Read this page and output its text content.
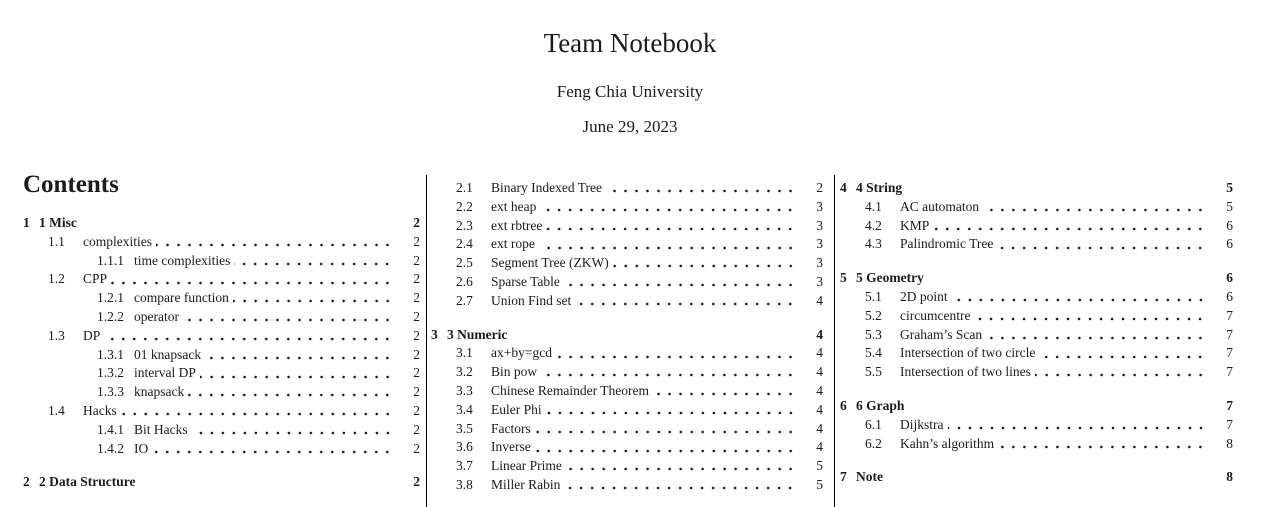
Team Notebook
Feng Chia University
June 29, 2023
Contents
1 1 Misc	2
1.1	complexities	2
1.1.1 time complexities	2
1.2	CPP	2
1.2.1 compare function	2
1.2.2 operator	2
1.3	DP	2
1.3.1 01 knapsack	2
1.3.2 interval DP	2
1.3.3 knapsack	2
1.4	Hacks	2
1.4.1 Bit Hacks	2
1.4.2 IO	2
2 2 Data Structure	2
2.1	Binary Indexed Tree	2
2.2	ext heap	3
2.3	ext rbtree	3
2.4	ext rope	3
2.5	Segment Tree (ZKW)	3
2.6	Sparse Table	3
2.7	Union Find set	4
3 3 Numeric	4
3.1	ax+by=gcd	4
3.2	Bin pow	4
3.3	Chinese Remainder Theorem	4
3.4	Euler Phi	4
3.5	Factors	4
3.6	Inverse	4
3.7	Linear Prime	5
3.8	Miller Rabin	5
4 4 String	5
4.1	AC automaton	5
4.2	KMP	6
4.3	Palindromic Tree	6
5 5 Geometry	6
5.1	2D point	6
5.2	circumcentre	7
5.3	Graham’s Scan	7
5.4	Intersection of two circle	7
5.5	Intersection of two lines	7
6 6 Graph	7
6.1	Dijkstra	7
6.2	Kahn’s algorithm	8
7 Note	8
